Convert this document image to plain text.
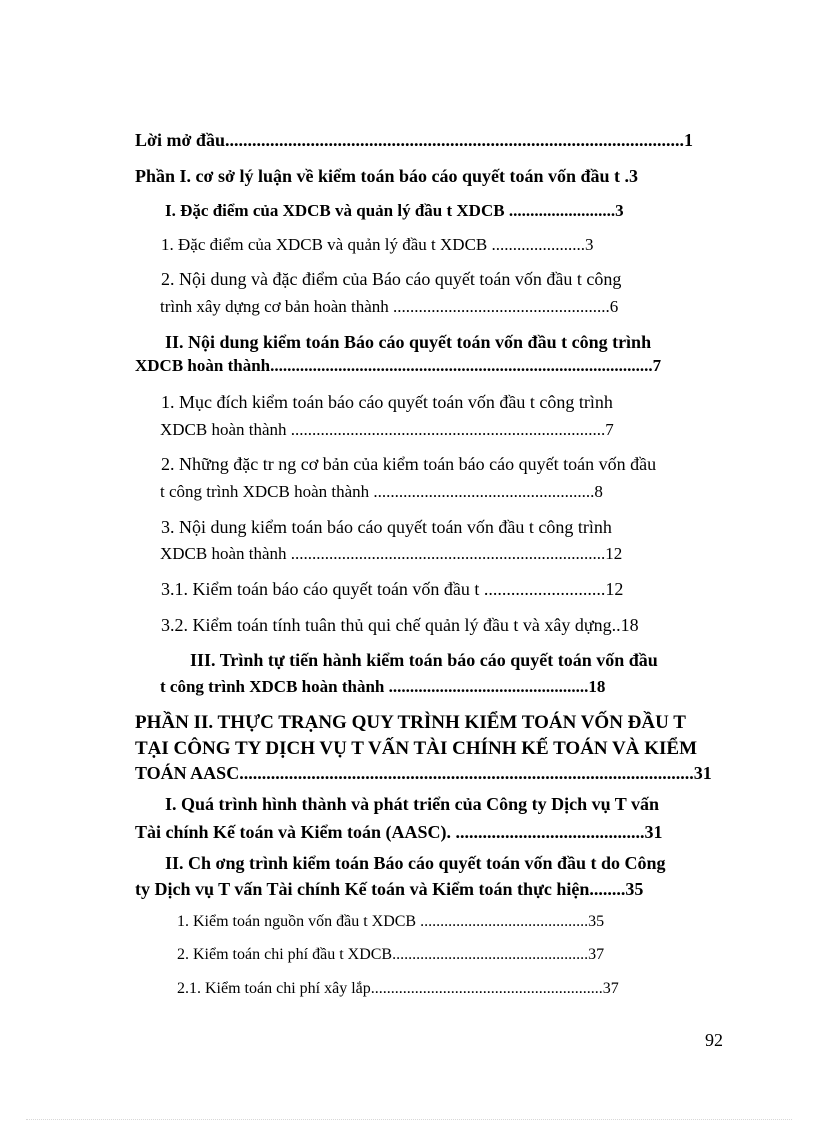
Lời mở đầu......................................................................................................1
Phần I. cơ sở lý luận về kiểm toán báo cáo quyết toán vốn đầu t .3
I. Đặc điểm của XDCB và quản lý đầu t XDCB .........................3
1. Đặc điểm của XDCB và quản lý đầu t XDCB ......................3
2. Nội dung và đặc điểm của Báo cáo quyết toán vốn đầu t công
trình xây dựng cơ bản hoàn thành ...................................................6
II. Nội dung kiểm toán Báo cáo quyết toán vốn đầu t công trình
XDCB hoàn thành..........................................................................................7
1. Mục đích kiểm toán báo cáo quyết toán vốn đầu t công trình
XDCB hoàn thành ..........................................................................7
2. Những đặc tr ng cơ bản của kiểm toán báo cáo quyết toán vốn đầu
t công trình XDCB hoàn thành ....................................................8
3. Nội dung kiểm toán báo cáo quyết toán vốn đầu t công trình
XDCB hoàn thành ..........................................................................12
3.1. Kiểm toán báo cáo quyết toán vốn đầu t ...........................12
3.2. Kiểm toán tính tuân thủ qui chế quản lý đầu t và xây dựng..18
III. Trình tự tiến hành kiểm toán báo cáo quyết toán vốn đầu
t công trình XDCB hoàn thành ...............................................18
PHẦN II. THỰC TRẠNG QUY TRÌNH KIỂM TOÁN VỐN ĐẦU T
TẠI CÔNG TY DỊCH VỤ T VẤN TÀI CHÍNH KẾ TOÁN VÀ KIỂM
TOÁN AASC.....................................................................................................31
I. Quá trình hình thành và phát triển của Công ty Dịch vụ T vấn
Tài chính Kế toán và Kiểm toán (AASC). ..........................................31
II. Ch ơng trình kiểm toán Báo cáo quyết toán vốn đầu t do Công
ty Dịch vụ T vấn Tài chính Kế toán và Kiểm toán thực hiện........35
1. Kiểm toán nguồn vốn đầu t XDCB ..........................................35
2. Kiểm toán chi phí đầu t XDCB.................................................37
2.1. Kiểm toán chi phí xây lắp..........................................................37
92
